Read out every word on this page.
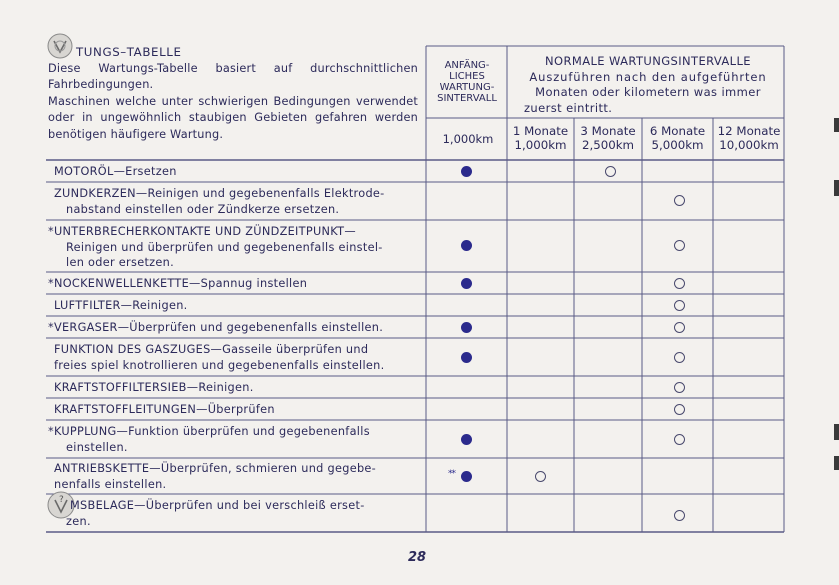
?

TUNGS–TABELLE

Diese Wartungs-Tabelle basiert auf durchschnittlichen Fahrbedingungen.

Maschinen welche unter schwierigen Bedingungen verwendet oder in ungewöhnlich staubigen Gebieten gefahren werden benötigen häufigere Wartung.

ANFÄNG-
LICHES
WARTUNG-
SINTERVALL
1,000km
NORMALE WARTUNGSINTERVALLE
Auszuführen nach den aufgeführten
Monaten oder kilometern was immer
zuerst eintritt.
1 Monate
1,000km
3 Monate
2,500km
6 Monate
5,000km
12 Monate
10,000km
MOTORÖL—Ersetzen
ZUNDKERZEN—Reinigen und gegebenenfalls Elektrode-
nabstand einstellen oder Zündkerze ersetzen.
*UNTERBRECHERKONTAKTE UND ZÜNDZEITPUNKT—
Reinigen und überprüfen und gegebenenfalls einstel-
len oder ersetzen.
*NOCKENWELLENKETTE—Spannug instellen
LUFTFILTER—Reinigen.
*VERGASER—Überprüfen und gegebenenfalls einstellen.
FUNKTION DES GASZUGES—Gasseile überprüfen und
freies spiel knotrollieren und gegebenenfalls einstellen.
KRAFTSTOFFILTERSIEB—Reinigen.
KRAFTSTOFFLEITUNGEN—Überprüfen
*KUPPLUNG—Funktion überprüfen und gegebenenfalls
einstellen.
ANTRIEBSKETTE—Überprüfen, schmieren und gegebe-
nenfalls einstellen.
MSBELAGE—Überprüfen und bei verschleiß erset-
zen.
**
28
